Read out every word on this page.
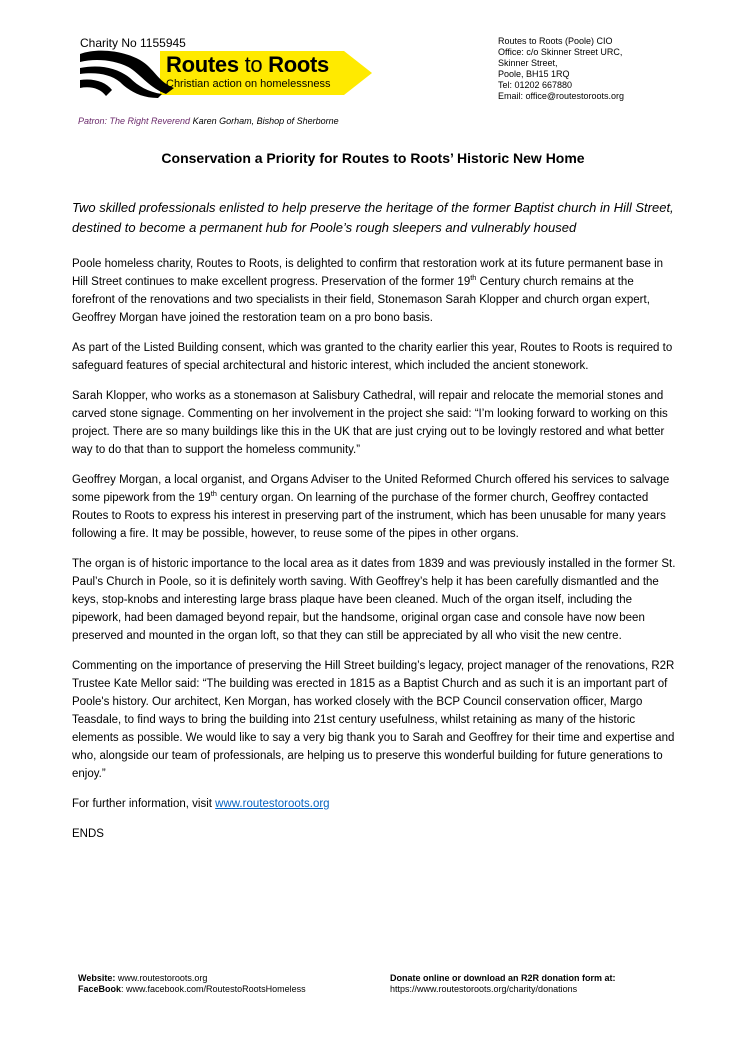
Charity No 1155945
Routes to Roots
Christian action on homelessness
Patron: The Right Reverend Karen Gorham, Bishop of Sherborne
Routes to Roots (Poole) CIO
Office: c/o Skinner Street URC,
Skinner Street,
Poole, BH15 1RQ
Tel: 01202 667880
Email: office@routestoroots.org
Conservation a Priority for Routes to Roots’ Historic New Home
Two skilled professionals enlisted to help preserve the heritage of the former Baptist church in Hill Street, destined to become a permanent hub for Poole’s rough sleepers and vulnerably housed

Poole homeless charity, Routes to Roots, is delighted to confirm that restoration work at its future permanent base in Hill Street continues to make excellent progress. Preservation of the former 19th Century church remains at the forefront of the renovations and two specialists in their field, Stonemason Sarah Klopper and church organ expert, Geoffrey Morgan have joined the restoration team on a pro bono basis.

As part of the Listed Building consent, which was granted to the charity earlier this year, Routes to Roots is required to safeguard features of special architectural and historic interest, which included the ancient stonework.

Sarah Klopper, who works as a stonemason at Salisbury Cathedral, will repair and relocate the memorial stones and carved stone signage. Commenting on her involvement in the project she said: “I’m looking forward to working on this project. There are so many buildings like this in the UK that are just crying out to be lovingly restored and what better way to do that than to support the homeless community.”

Geoffrey Morgan, a local organist, and Organs Adviser to the United Reformed Church offered his services to salvage some pipework from the 19th century organ. On learning of the purchase of the former church, Geoffrey contacted Routes to Roots to express his interest in preserving part of the instrument, which has been unusable for many years following a fire. It may be possible, however, to reuse some of the pipes in other organs.

The organ is of historic importance to the local area as it dates from 1839 and was previously installed in the former St. Paul’s Church in Poole, so it is definitely worth saving. With Geoffrey’s help it has been carefully dismantled and the keys, stop-knobs and interesting large brass plaque have been cleaned. Much of the organ itself, including the pipework, had been damaged beyond repair, but the handsome, original organ case and console have now been preserved and mounted in the organ loft, so that they can still be appreciated by all who visit the new centre.

Commenting on the importance of preserving the Hill Street building’s legacy, project manager of the renovations, R2R Trustee Kate Mellor said: “The building was erected in 1815 as a Baptist Church and as such it is an important part of Poole's history. Our architect, Ken Morgan, has worked closely with the BCP Council conservation officer, Margo Teasdale, to find ways to bring the building into 21st century usefulness, whilst retaining as many of the historic elements as possible. We would like to say a very big thank you to Sarah and Geoffrey for their time and expertise and who, alongside our team of professionals, are helping us to preserve this wonderful building for future generations to enjoy.”

For further information, visit www.routestoroots.org

ENDS

Website: www.routestoroots.org
FaceBook: www.facebook.com/RoutestoRootsHomeless
Donate online or download an R2R donation form at:
https://www.routestoroots.org/charity/donations
